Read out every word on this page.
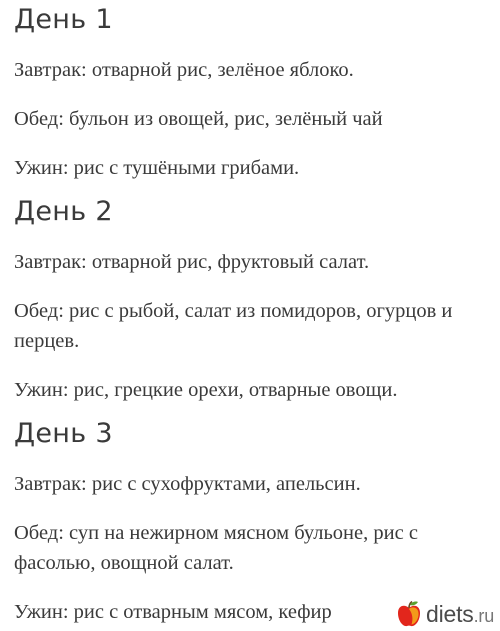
День 1

Завтрак: отварной рис, зелёное яблоко.

Обед: бульон из овощей, рис, зелёный чай

Ужин: рис с тушёными грибами.

День 2

Завтрак: отварной рис, фруктовый салат.

Обед: рис с рыбой, салат из помидоров, огурцов и перцев.

Ужин: рис, грецкие орехи, отварные овощи.

День 3

Завтрак: рис с сухофруктами, апельсин.

Обед: суп на нежирном мясном бульоне, рис с фасолью, овощной салат.

Ужин: рис с отварным мясом, кефир	diets.ru
